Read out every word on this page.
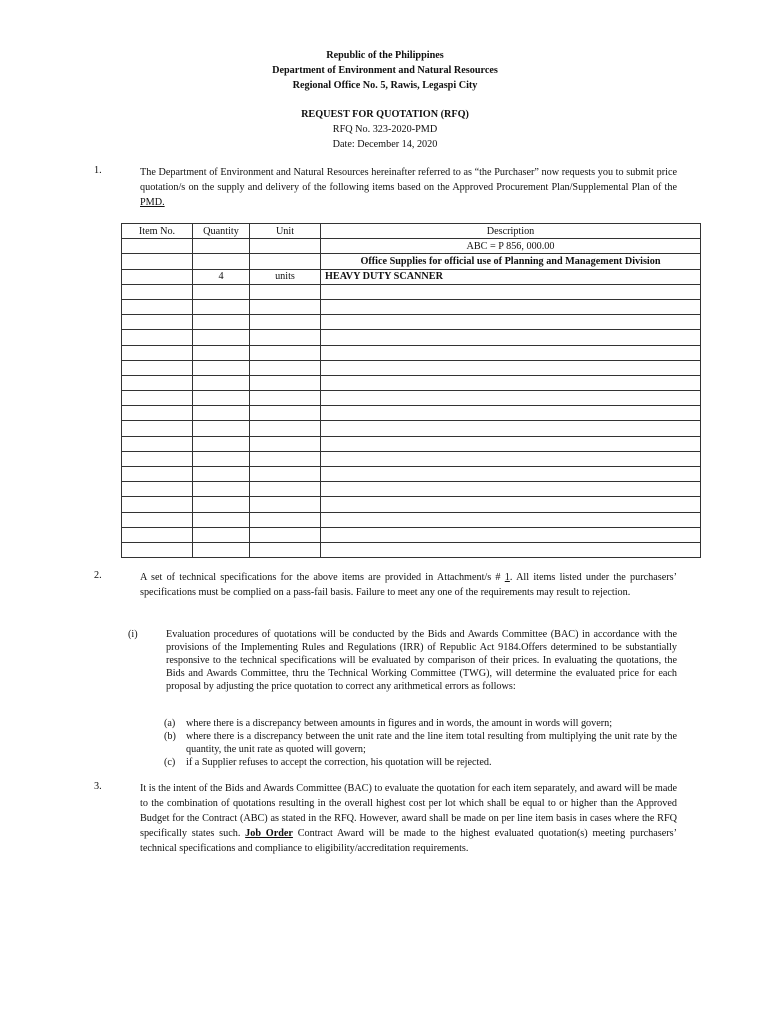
Republic of the Philippines
Department of Environment and Natural Resources
Regional Office No. 5, Rawis, Legaspi City
REQUEST FOR QUOTATION (RFQ)
RFQ No. 323-2020-PMD
Date: December 14, 2020
1.	The Department of Environment and Natural Resources hereinafter referred to as “the Purchaser” now requests you to submit price quotation/s on the supply and delivery of the following items based on the Approved Procurement Plan/Supplemental Plan of the PMD.
Item No.	Quantity	Unit	Description
			ABC = P 856, 000.00
			Office Supplies for official use of Planning and Management Division
	4	units	HEAVY DUTY SCANNER

2.	A set of technical specifications for the above items are provided in Attachment/s # 1. All items listed under the purchasers’ specifications must be complied on a pass-fail basis. Failure to meet any one of the requirements may result to rejection.
(i)	Evaluation procedures of quotations will be conducted by the Bids and Awards Committee (BAC) in accordance with the provisions of the Implementing Rules and Regulations (IRR) of Republic Act 9184.Offers determined to be substantially responsive to the technical specifications will be evaluated by comparison of their prices. In evaluating the quotations, the Bids and Awards Committee, thru the Technical Working Committee (TWG), will determine the evaluated price for each proposal by adjusting the price quotation to correct any arithmetical errors as follows:
(a) where there is a discrepancy between amounts in figures and in words, the amount in words will govern;
(b) where there is a discrepancy between the unit rate and the line item total resulting from multiplying the unit rate by the quantity, the unit rate as quoted will govern;
(c) if a Supplier refuses to accept the correction, his quotation will be rejected.
3.	It is the intent of the Bids and Awards Committee (BAC) to evaluate the quotation for each item separately, and award will be made to the combination of quotations resulting in the overall highest cost per lot which shall be equal to or higher than the Approved Budget for the Contract (ABC) as stated in the RFQ. However, award shall be made on per line item basis in cases where the RFQ specifically states such. Job Order Contract Award will be made to the highest evaluated quotation(s) meeting purchasers’ technical specifications and compliance to eligibility/accreditation requirements.
